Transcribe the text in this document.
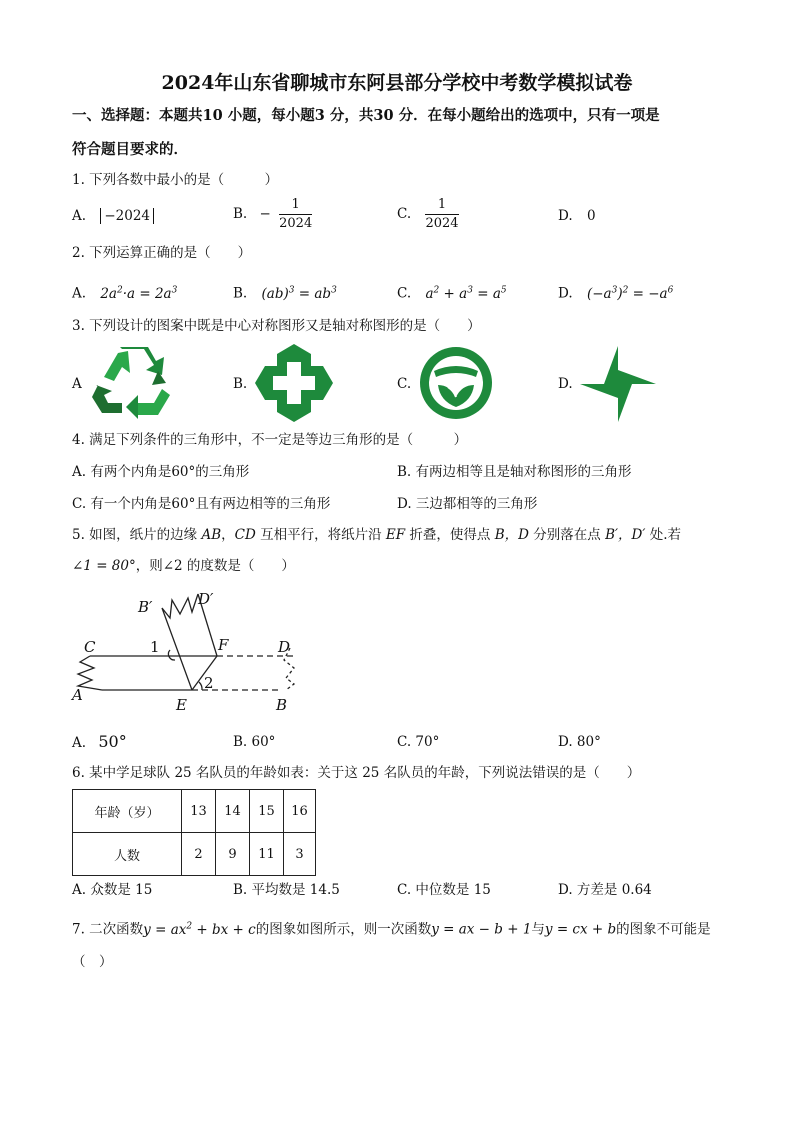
2024年山东省聊城市东阿县部分学校中考数学模拟试卷
一、选择题：本题共10 小题，每小题3 分，共30 分．在每小题给出的选项中，只有一项是
符合题目要求的．
1. 下列各数中最小的是（　　　）
A. −2024	B. − $\frac{1}{2024}$	C. $\frac{1}{2024}$	D. 0
2. 下列运算正确的是（　　）
A. $2a^2\cdot a = 2a^3$	B. $(ab)^3 = ab^3$	C. $a^2 + a^3 = a^5$	D. $(-a^3)^2 = -a^6$
3. 下列设计的图案中既是中心对称图形又是轴对称图形的是（　　）
A	B.	C.	D.
4. 满足下列条件的三角形中，不一定是等边三角形的是（　　　）
A. 有两个内角是60°的三角形	B. 有两边相等且是轴对称图形的三角形
C. 有一个内角是60°且有两边相等的三角形	D. 三边都相等的三角形
5. 如图，纸片的边缘 AB，CD 互相平行，将纸片沿 EF 折叠，使得点 B，D 分别落在点 B′，D′ 处.若
∠1 = 80°，则∠2 的度数是（　　）
B′	D′
C	1	F	D
A
2
E	B
A. 50°	B. 60°	C. 70°	D. 80°
6. 某中学足球队 25 名队员的年龄如表：关于这 25 名队员的年龄，下列说法错误的是（　　）
年龄（岁）	13	14	15	16
人数	2	9	11	3
A. 众数是 15	B. 平均数是 14.5	C. 中位数是 15	D. 方差是 0.64
7. 二次函数$y = ax^2$ + bx + c的图象如图所示，则一次函数y = ax − b + 1与y = cx + b的图象不可能是
（　）
